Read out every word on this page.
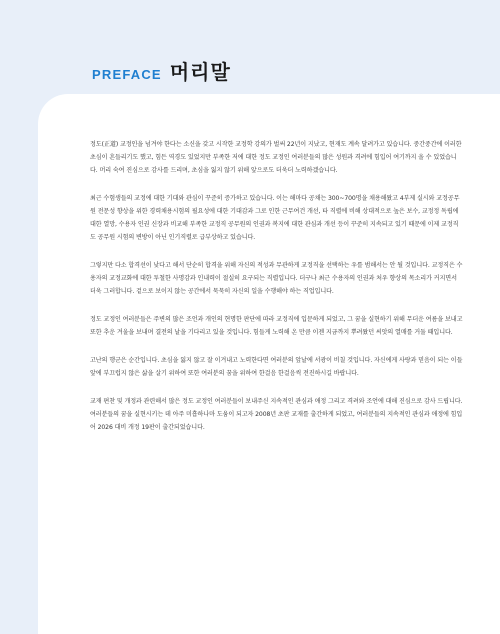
PREFACE 머리말

정도(正道) 교정인을 넘겨야 한다는 소신을 갖고 시작한 교정학 강의가 벌써 22년이 지났고, 현재도 계속 달려가고 있습니다. 중간중간에 이러한 초심이 흔들리기도 했고, 힘든 역경도 있었지만 부족한 저에 대한 정도 교정인 여러분들의 많은 성원과 격려에 힘입어 여기까지 올 수 있었습니다. 머리 숙여 진심으로 감사를 드리며, 초심을 잃지 않기 위해 앞으로도 더욱더 노력하겠습니다.

최근 수험생들의 교정에 대한 기대와 관심이 꾸준히 증가하고 있습니다. 이는 해마다 공채는 300~700명을 채용해왔고 4부제 실시와 교정공무원 전문성 향상을 위한 경력채용시험의 필요성에 대한 기대감과 그로 인한 근무여건 개선, 타 직렬에 비해 상대적으로 높은 보수, 교정정 독립에 대한 열망, 수용자 인권 신장과 비교해 부족한 교정직 공무원의 인권과 복지에 대한 관심과 개선 등이 꾸준히 지속되고 있기 때문에 이제 교정직도 공무원 시험의 변방이 아닌 인기직렬로 급부상하고 있습니다.

그렇지만 다소 합격선이 낮다고 해서 단순히 합격을 위해 자신의 적성과 무관하게 교정직을 선택하는 우를 범해서는 안 될 것입니다. 교정직은 수용자의 교정교화에 대한 투철한 사명감과 인내력이 절실히 요구되는 직렬입니다. 더구나 최근 수용자의 인권과 처우 향상의 목소리가 커지면서 더욱 그러합니다. 겉으로 보이지 않는 공간에서 묵묵히 자신의 일을 수행해야 하는 직업입니다.

정도 교정인 여러분들은 주변의 많은 조언과 개인의 현명한 판단에 따라 교정직에 입문하게 되었고, 그 꿈을 실현하기 위해 무더운 여름을 보내고 또한 추운 겨울을 보내며 결전의 날을 기다리고 있을 것입니다. 힘들게 노력해 온 만큼 이젠 지금까지 뿌려왔던 씨앗의 열매를 거둘 때입니다.

고난의 행군은 순간입니다. 초심을 잃지 않고 잘 이겨내고 노력한다면 여러분의 앞날에 서광이 비칠 것입니다. 자신에게 사랑과 믿음이 되는 이들 앞에 부끄럽지 않은 삶을 살기 위하여 또한 여러분의 꿈을 위하여 한걸음 한걸음씩 전진하시길 바랍니다.

교재 편찬 및 개정과 관련해서 많은 정도 교정인 여러분들이 보내주신 지속적인 관심과 애정 그리고 격려와 조언에 대해 진심으로 감사 드립니다. 여러분들의 꿈을 실현시키는 데 아주 미흡하나마 도움이 되고자 2008년 초판 교재를 출간하게 되었고, 여러분들의 지속적인 관심과 애정에 힘입어 2026 대비 개정 19판이 출간되었습니다.
